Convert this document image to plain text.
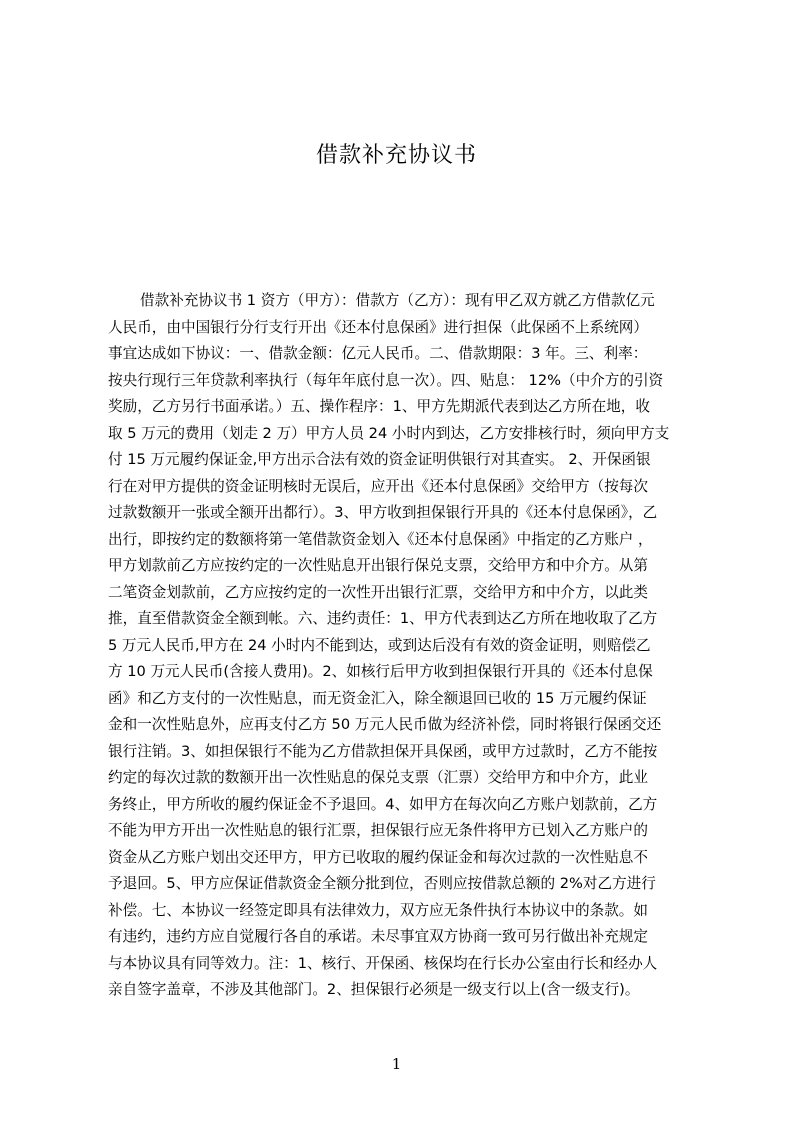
借款补充协议书
借款补充协议书 1 资方（甲方）：借款方（乙方）：现有甲乙双方就乙方借款亿元
人民币，由中国银行分行支行开出《还本付息保函》进行担保（此保函不上系统网）
事宜达成如下协议：一、借款金额：亿元人民币。二、借款期限：3 年。三、利率：
按央行现行三年贷款利率执行（每年年底付息一次）。四、贴息： 12%（中介方的引资
奖励，乙方另行书面承诺。）五、操作程序：1、甲方先期派代表到达乙方所在地，收
取 5 万元的费用（划走 2 万）甲方人员 24 小时内到达，乙方安排核行时，须向甲方支
付 15 万元履约保证金,甲方出示合法有效的资金证明供银行对其查实。 2、开保函银
行在对甲方提供的资金证明核时无误后，应开出《还本付息保函》交给甲方（按每次
过款数额开一张或全额开出都行）。3、甲方收到担保银行开具的《还本付息保函》，乙
出行，即按约定的数额将第一笔借款资金划入《还本付息保函》中指定的乙方账户 ，
甲方划款前乙方应按约定的一次性贴息开出银行保兑支票，交给甲方和中介方。从第
二笔资金划款前，乙方应按约定的一次性开出银行汇票，交给甲方和中介方，以此类
推，直至借款资金全额到帐。六、违约责任：1、甲方代表到达乙方所在地收取了乙方
5 万元人民币,甲方在 24 小时内不能到达，或到达后没有有效的资金证明，则赔偿乙
方 10 万元人民币(含接人费用)。2、如核行后甲方收到担保银行开具的《还本付息保
函》和乙方支付的一次性贴息，而无资金汇入，除全额退回已收的 15 万元履约保证
金和一次性贴息外，应再支付乙方 50 万元人民币做为经济补偿，同时将银行保函交还
银行注销。3、如担保银行不能为乙方借款担保开具保函，或甲方过款时，乙方不能按
约定的每次过款的数额开出一次性贴息的保兑支票（汇票）交给甲方和中介方，此业
务终止，甲方所收的履约保证金不予退回。4、如甲方在每次向乙方账户划款前，乙方
不能为甲方开出一次性贴息的银行汇票，担保银行应无条件将甲方已划入乙方账户的
资金从乙方账户划出交还甲方，甲方已收取的履约保证金和每次过款的一次性贴息不
予退回。5、甲方应保证借款资金全额分批到位，否则应按借款总额的 2%对乙方进行
补偿。七、本协议一经签定即具有法律效力，双方应无条件执行本协议中的条款。如
有违约，违约方应自觉履行各自的承诺。未尽事宜双方协商一致可另行做出补充规定
与本协议具有同等效力。注：1、核行、开保函、核保均在行长办公室由行长和经办人
亲自签字盖章，不涉及其他部门。2、担保银行必须是一级支行以上(含一级支行)。
1
